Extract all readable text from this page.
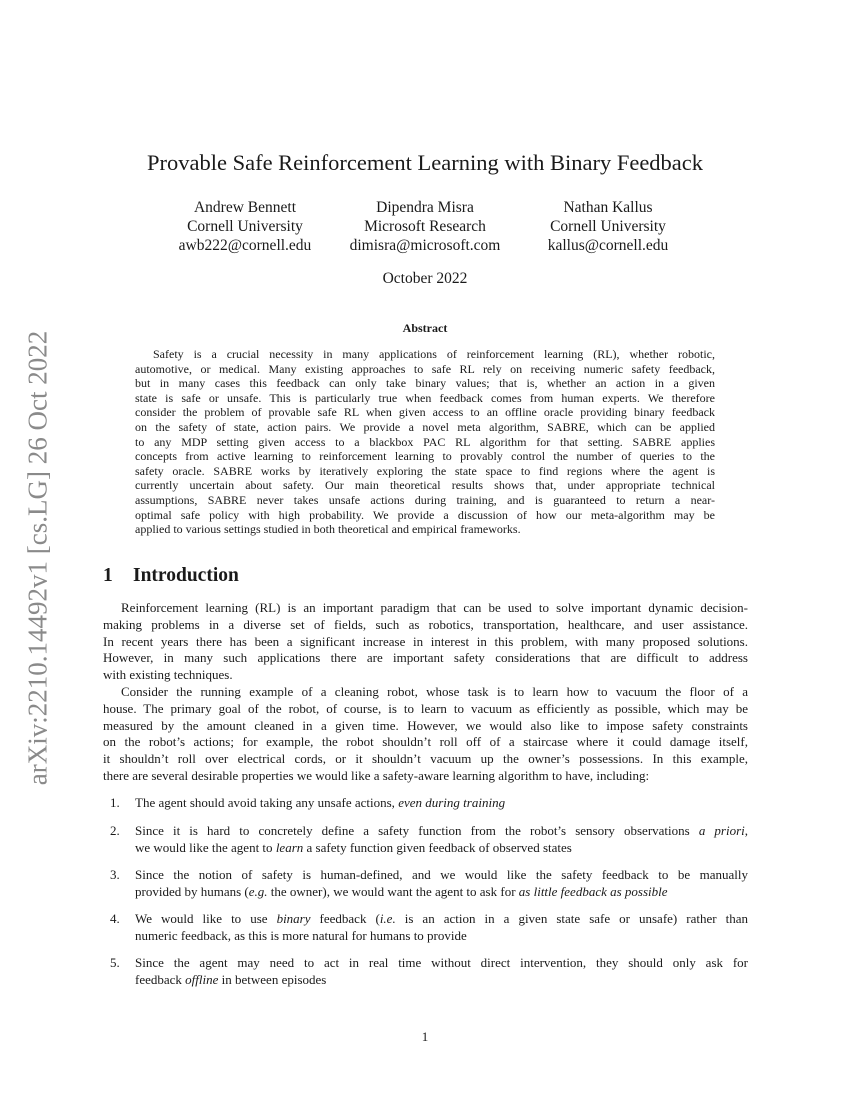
arXiv:2210.14492v1 [cs.LG] 26 Oct 2022
Provable Safe Reinforcement Learning with Binary Feedback
Andrew Bennett
Cornell University
awb222@cornell.edu
Dipendra Misra
Microsoft Research
dimisra@microsoft.com
Nathan Kallus
Cornell University
kallus@cornell.edu
October 2022
Abstract
Safety is a crucial necessity in many applications of reinforcement learning (RL), whether robotic,
automotive, or medical. Many existing approaches to safe RL rely on receiving numeric safety feedback,
but in many cases this feedback can only take binary values; that is, whether an action in a given
state is safe or unsafe. This is particularly true when feedback comes from human experts. We therefore
consider the problem of provable safe RL when given access to an offline oracle providing binary feedback
on the safety of state, action pairs. We provide a novel meta algorithm, SABRE, which can be applied
to any MDP setting given access to a blackbox PAC RL algorithm for that setting. SABRE applies
concepts from active learning to reinforcement learning to provably control the number of queries to the
safety oracle. SABRE works by iteratively exploring the state space to find regions where the agent is
currently uncertain about safety. Our main theoretical results shows that, under appropriate technical
assumptions, SABRE never takes unsafe actions during training, and is guaranteed to return a near-
optimal safe policy with high probability. We provide a discussion of how our meta-algorithm may be
applied to various settings studied in both theoretical and empirical frameworks.
1 Introduction
Reinforcement learning (RL) is an important paradigm that can be used to solve important dynamic decision-
making problems in a diverse set of fields, such as robotics, transportation, healthcare, and user assistance.
In recent years there has been a significant increase in interest in this problem, with many proposed solutions.
However, in many such applications there are important safety considerations that are difficult to address
with existing techniques.
Consider the running example of a cleaning robot, whose task is to learn how to vacuum the floor of a
house. The primary goal of the robot, of course, is to learn to vacuum as efficiently as possible, which may be
measured by the amount cleaned in a given time. However, we would also like to impose safety constraints
on the robot’s actions; for example, the robot shouldn’t roll off of a staircase where it could damage itself,
it shouldn’t roll over electrical cords, or it shouldn’t vacuum up the owner’s possessions. In this example,
there are several desirable properties we would like a safety-aware learning algorithm to have, including:
1. The agent should avoid taking any unsafe actions, even during training
2. Since it is hard to concretely define a safety function from the robot’s sensory observations a priori,
we would like the agent to learn a safety function given feedback of observed states
3. Since the notion of safety is human-defined, and we would like the safety feedback to be manually
provided by humans (e.g. the owner), we would want the agent to ask for as little feedback as possible
4. We would like to use binary feedback (i.e. is an action in a given state safe or unsafe) rather than
numeric feedback, as this is more natural for humans to provide
5. Since the agent may need to act in real time without direct intervention, they should only ask for
feedback offline in between episodes
1
